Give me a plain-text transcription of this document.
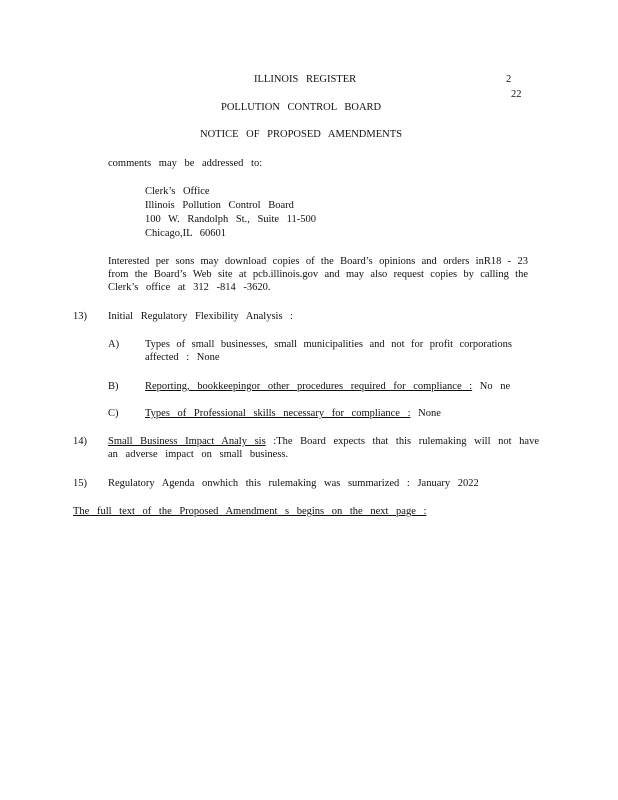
ILLINOIS REGISTER	2
22
POLLUTION CONTROL BOARD
NOTICE OF PROPOSED AMENDMENTS
comments may be addressed to:
Clerk’s Office
Illinois Pollution Control Board
100 W. Randolph St., Suite 11-500
Chicago,IL 60601
Interested per sons may download copies of the Board’s opinions and orders inR18 - 23
from the Board’s Web site at pcb.illinois.gov and may also request copies by calling the
Clerk’s office at 312 -814 -3620.
13) Initial Regulatory Flexibility Analysis :
A) Types of small businesses, small municipalities and not for profit corporations
affected : None
B)	Reporting, bookkeepingor other procedures required for compliance : No ne
C)	Types of Professional skills necessary for compliance : None
14) Small Business Impact Analy sis :The Board expects that this rulemaking will not have
an adverse impact on small business.
15) Regulatory Agenda onwhich this rulemaking was summarized : January 2022
The full text of the Proposed Amendment s begins on the next page :
